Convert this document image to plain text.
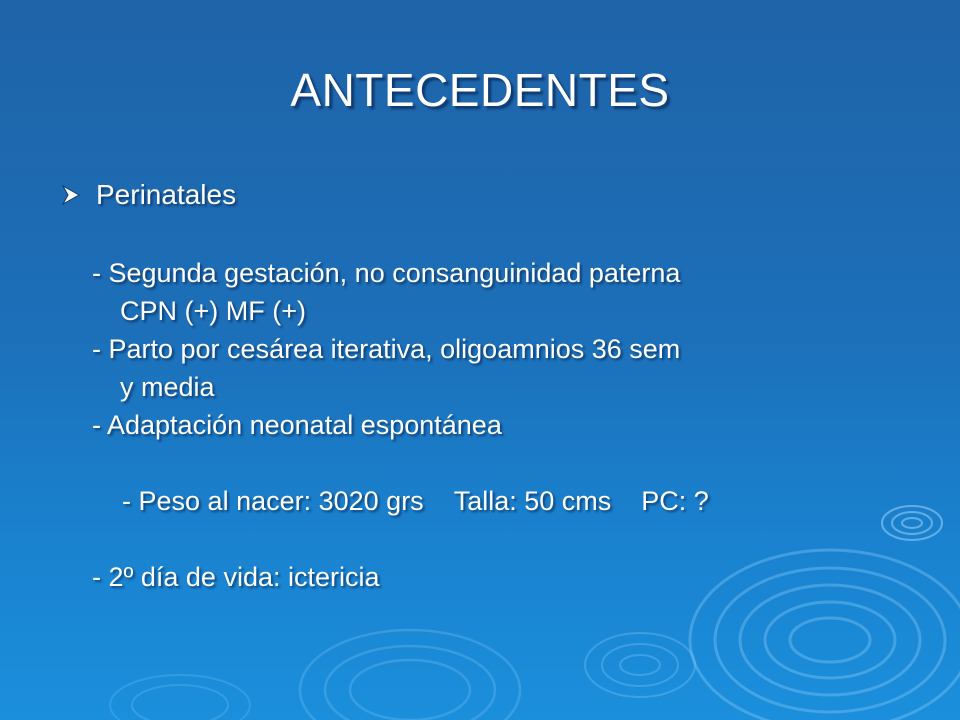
ANTECEDENTES
Perinatales
- Segunda gestación, no consanguinidad paterna
CPN (+) MF (+)
- Parto por cesárea iterativa, oligoamnios 36 sem
y media
- Adaptación neonatal espontánea

- Peso al nacer: 3020 grs Talla: 50 cms PC: ?

- 2º día de vida: ictericia
